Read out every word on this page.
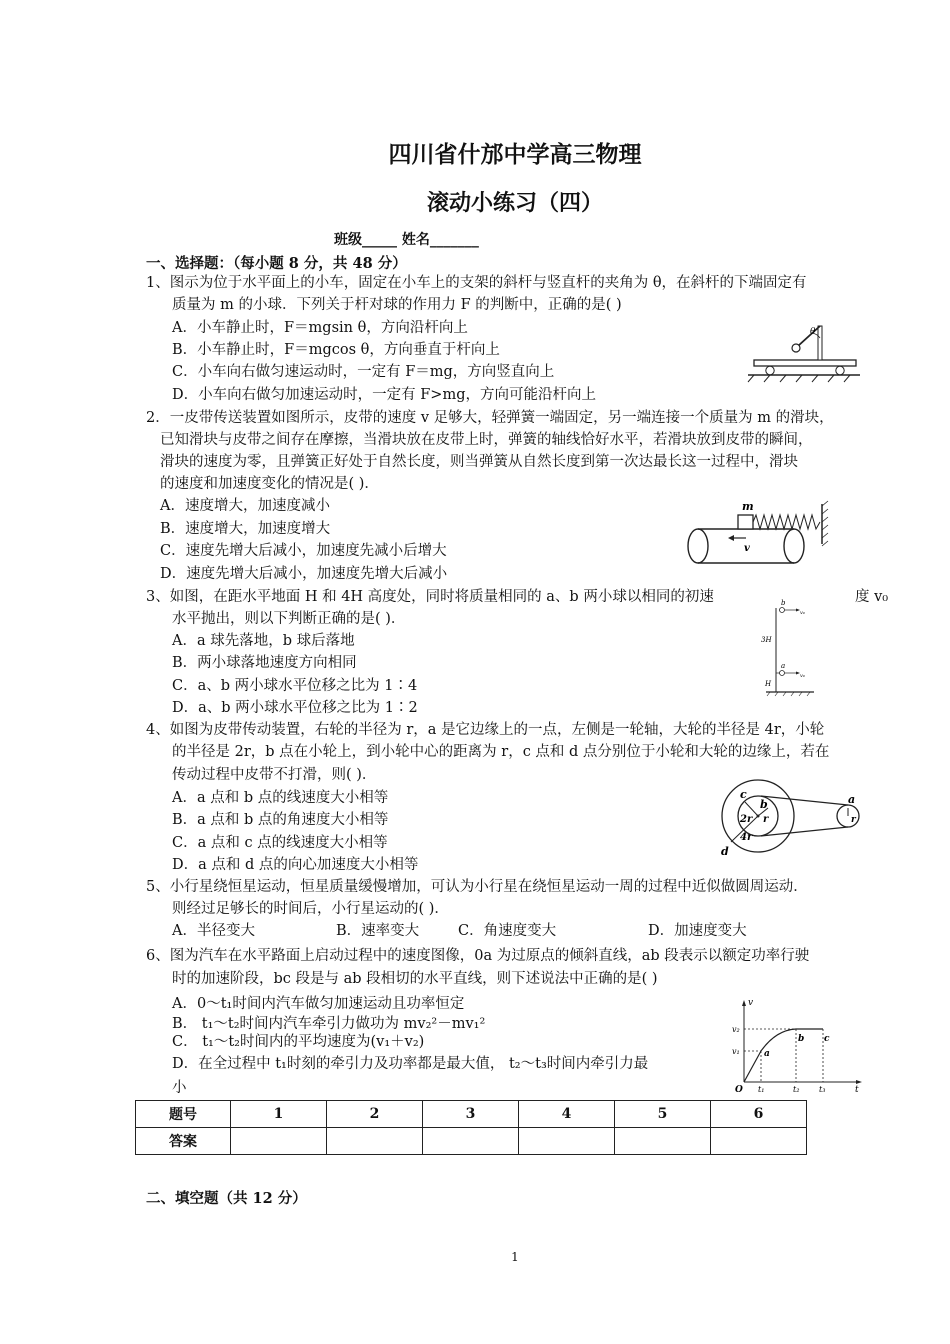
四川省什邡中学高三物理
滚动小练习（四）
班级_____ 姓名_______
一、选择题：（每小题 8 分，共 48 分）
1、图示为位于水平面上的小车，固定在小车上的支架的斜杆与竖直杆的夹角为 θ，在斜杆的下端固定有
质量为 m 的小球．下列关于杆对球的作用力 F 的判断中，正确的是( )
A．小车静止时，F＝mgsin θ，方向沿杆向上
B．小车静止时，F＝mgcos θ，方向垂直于杆向上
C．小车向右做匀速运动时，一定有 F＝mg，方向竖直向上
D．小车向右做匀加速运动时，一定有 F>mg，方向可能沿杆向上
θ
2．一皮带传送装置如图所示，皮带的速度 v 足够大，轻弹簧一端固定，另一端连接一个质量为 m 的滑块，
已知滑块与皮带之间存在摩擦，当滑块放在皮带上时，弹簧的轴线恰好水平，若滑块放到皮带的瞬间，
滑块的速度为零，且弹簧正好处于自然长度，则当弹簧从自然长度到第一次达最长这一过程中，滑块
的速度和加速度变化的情况是( )．
A．速度增大，加速度减小
B．速度增大，加速度增大
C．速度先增大后减小，加速度先减小后增大
D．速度先增大后减小，加速度先增大后减小
m
v
3、如图，在距水平地面 H 和 4H 高度处，同时将质量相同的 a、b 两小球以相同的初速	度 v₀
水平抛出，则以下判断正确的是( )．
A．a 球先落地，b 球后落地
B．两小球落地速度方向相同
C．a、b 两小球水平位移之比为 1∶4
D．a、b 两小球水平位移之比为 1∶2
b
v₀
3H
a
v₀
H
4、如图为皮带传动装置，右轮的半径为 r，a 是它边缘上的一点，左侧是一轮轴，大轮的半径是 4r，小轮
的半径是 2r，b 点在小轮上，到小轮中心的距离为 r，c 点和 d 点分别位于小轮和大轮的边缘上，若在
传动过程中皮带不打滑，则( )．
A．a 点和 b 点的线速度大小相等
B．a 点和 b 点的角速度大小相等
C．a 点和 c 点的线速度大小相等
D．a 点和 d 点的向心加速度大小相等
c
b
2r r
4r
d
a
r
5、小行星绕恒星运动，恒星质量缓慢增加，可认为小行星在绕恒星运动一周的过程中近似做圆周运动．
则经过足够长的时间后，小行星运动的( )．
A．半径变大	B．速率变大	C．角速度变大	D．加速度变大
6、图为汽车在水平路面上启动过程中的速度图像，0a 为过原点的倾斜直线，ab 段表示以额定功率行驶
时的加速阶段，bc 段是与 ab 段相切的水平直线，则下述说法中正确的是( )
A．0～t₁时间内汽车做匀加速运动且功率恒定
B． t₁～t₂时间内汽车牵引力做功为 mv₂²－mv₁²
C． t₁～t₂时间内的平均速度为(v₁＋v₂)
D．在全过程中 t₁时刻的牵引力及功率都是最大值， t₂～t₃时间内牵引力最
小
v
t
O
v₂
v₁
t₁	t₂ t₃
a
b c
题号	1	2	3	4	5	6
答案						
二、填空题（共 12 分）
1
